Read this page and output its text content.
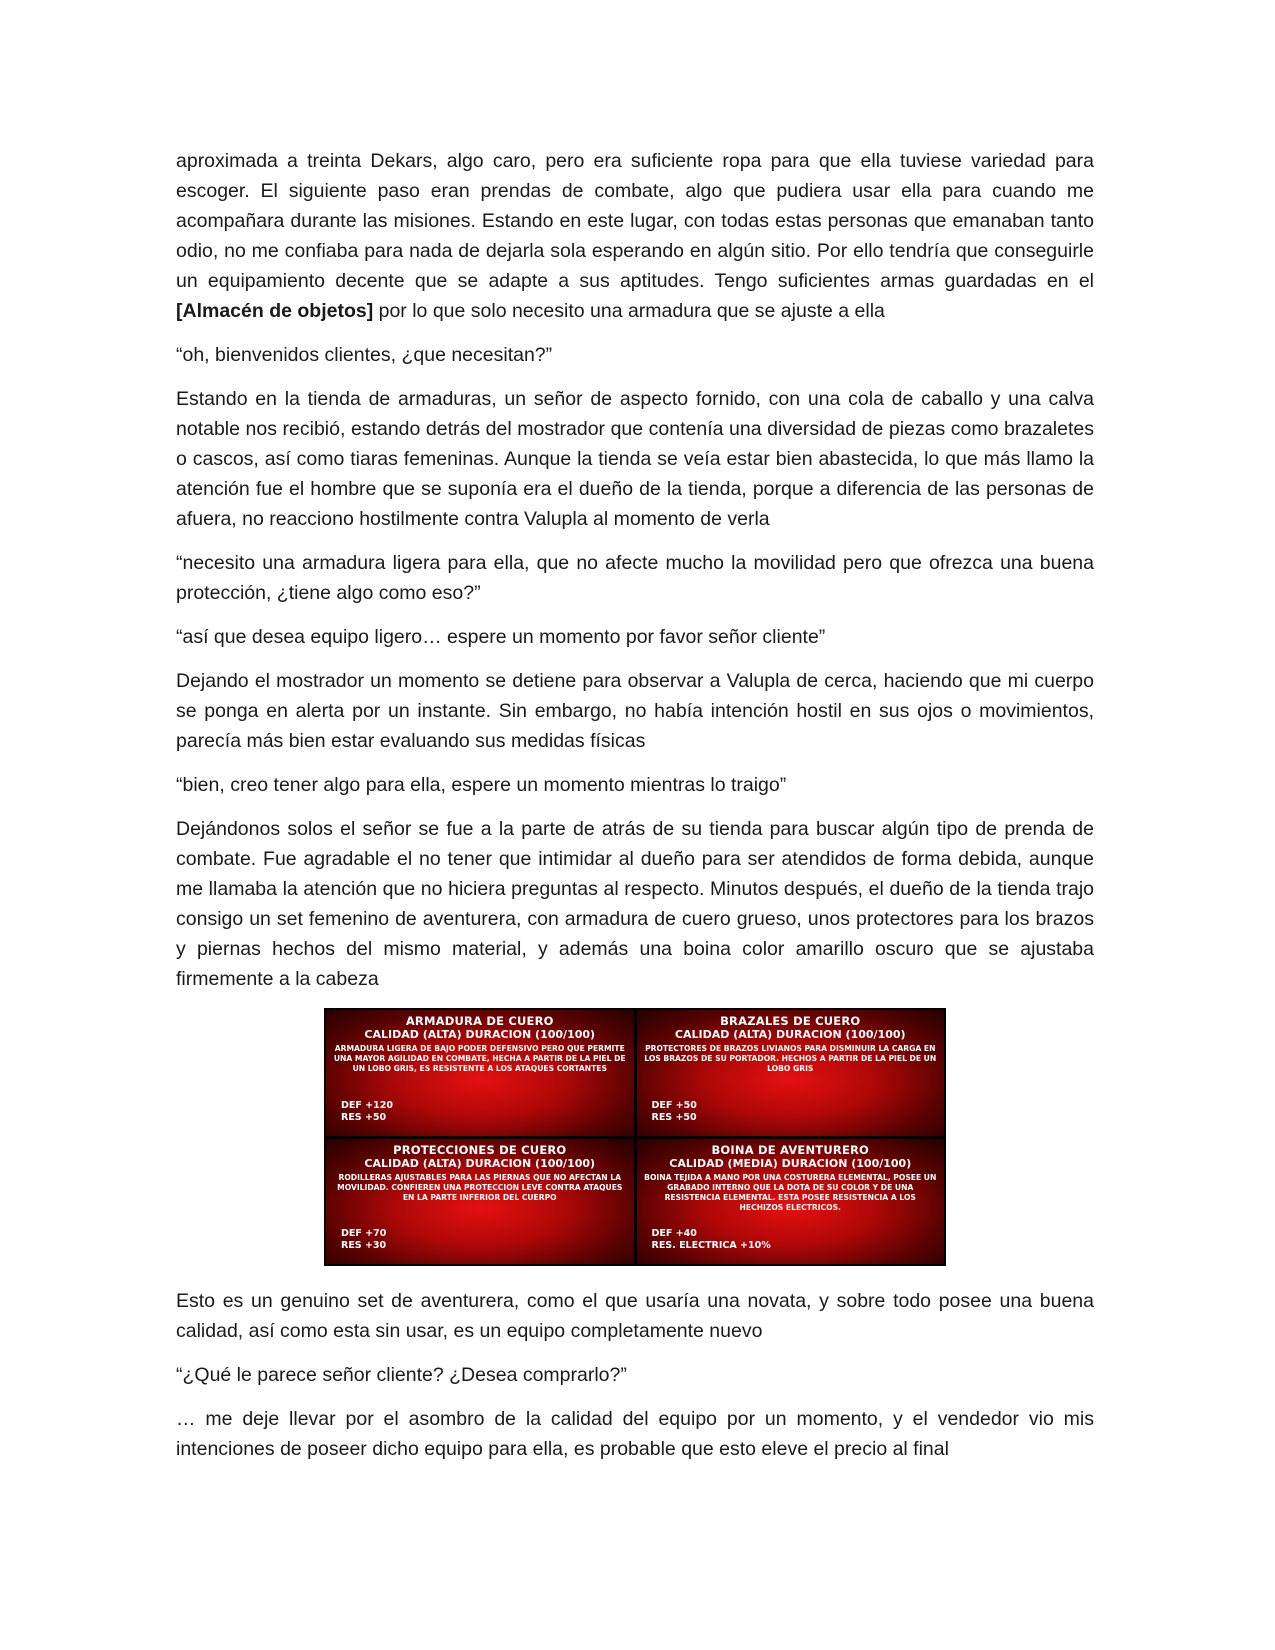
aproximada a treinta Dekars, algo caro, pero era suficiente ropa para que ella tuviese variedad para escoger. El siguiente paso eran prendas de combate, algo que pudiera usar ella para cuando me acompañara durante las misiones. Estando en este lugar, con todas estas personas que emanaban tanto odio, no me confiaba para nada de dejarla sola esperando en algún sitio. Por ello tendría que conseguirle un equipamiento decente que se adapte a sus aptitudes. Tengo suficientes armas guardadas en el [Almacén de objetos] por lo que solo necesito una armadura que se ajuste a ella

“oh, bienvenidos clientes, ¿que necesitan?”

Estando en la tienda de armaduras, un señor de aspecto fornido, con una cola de caballo y una calva notable nos recibió, estando detrás del mostrador que contenía una diversidad de piezas como brazaletes o cascos, así como tiaras femeninas. Aunque la tienda se veía estar bien abastecida, lo que más llamo la atención fue el hombre que se suponía era el dueño de la tienda, porque a diferencia de las personas de afuera, no reacciono hostilmente contra Valupla al momento de verla

“necesito una armadura ligera para ella, que no afecte mucho la movilidad pero que ofrezca una buena protección, ¿tiene algo como eso?”

“así que desea equipo ligero… espere un momento por favor señor cliente”

Dejando el mostrador un momento se detiene para observar a Valupla de cerca, haciendo que mi cuerpo se ponga en alerta por un instante. Sin embargo, no había intención hostil en sus ojos o movimientos, parecía más bien estar evaluando sus medidas físicas

“bien, creo tener algo para ella, espere un momento mientras lo traigo”

Dejándonos solos el señor se fue a la parte de atrás de su tienda para buscar algún tipo de prenda de combate. Fue agradable el no tener que intimidar al dueño para ser atendidos de forma debida, aunque me llamaba la atención que no hiciera preguntas al respecto. Minutos después, el dueño de la tienda trajo consigo un set femenino de aventurera, con armadura de cuero grueso, unos protectores para los brazos y piernas hechos del mismo material, y además una boina color amarillo oscuro que se ajustaba firmemente a la cabeza

ARMADURA DE CUERO
CALIDAD (ALTA) DURACION (100/100)
ARMADURA LIGERA DE BAJO PODER DEFENSIVO PERO QUE PERMITE UNA MAYOR AGILIDAD EN COMBATE, HECHA A PARTIR DE LA PIEL DE UN LOBO GRIS, ES RESISTENTE A LOS ATAQUES CORTANTES
DEF +120
RES +50
BRAZALES DE CUERO
CALIDAD (ALTA) DURACION (100/100)
PROTECTORES DE BRAZOS LIVIANOS PARA DISMINUIR LA CARGA EN LOS BRAZOS DE SU PORTADOR. HECHOS A PARTIR DE LA PIEL DE UN LOBO GRIS
DEF +50
RES +50
PROTECCIONES DE CUERO
CALIDAD (ALTA) DURACION (100/100)
RODILLERAS AJUSTABLES PARA LAS PIERNAS QUE NO AFECTAN LA MOVILIDAD. CONFIEREN UNA PROTECCION LEVE CONTRA ATAQUES EN LA PARTE INFERIOR DEL CUERPO
DEF +70
RES +30
BOINA DE AVENTURERO
CALIDAD (MEDIA) DURACION (100/100)
BOINA TEJIDA A MANO POR UNA COSTURERA ELEMENTAL, POSEE UN GRABADO INTERNO QUE LA DOTA DE SU COLOR Y DE UNA RESISTENCIA ELEMENTAL. ESTA POSEE RESISTENCIA A LOS HECHIZOS ELECTRICOS.
DEF +40
RES. ELECTRICA +10%

Esto es un genuino set de aventurera, como el que usaría una novata, y sobre todo posee una buena calidad, así como esta sin usar, es un equipo completamente nuevo

“¿Qué le parece señor cliente? ¿Desea comprarlo?”

… me deje llevar por el asombro de la calidad del equipo por un momento, y el vendedor vio mis intenciones de poseer dicho equipo para ella, es probable que esto eleve el precio al final
